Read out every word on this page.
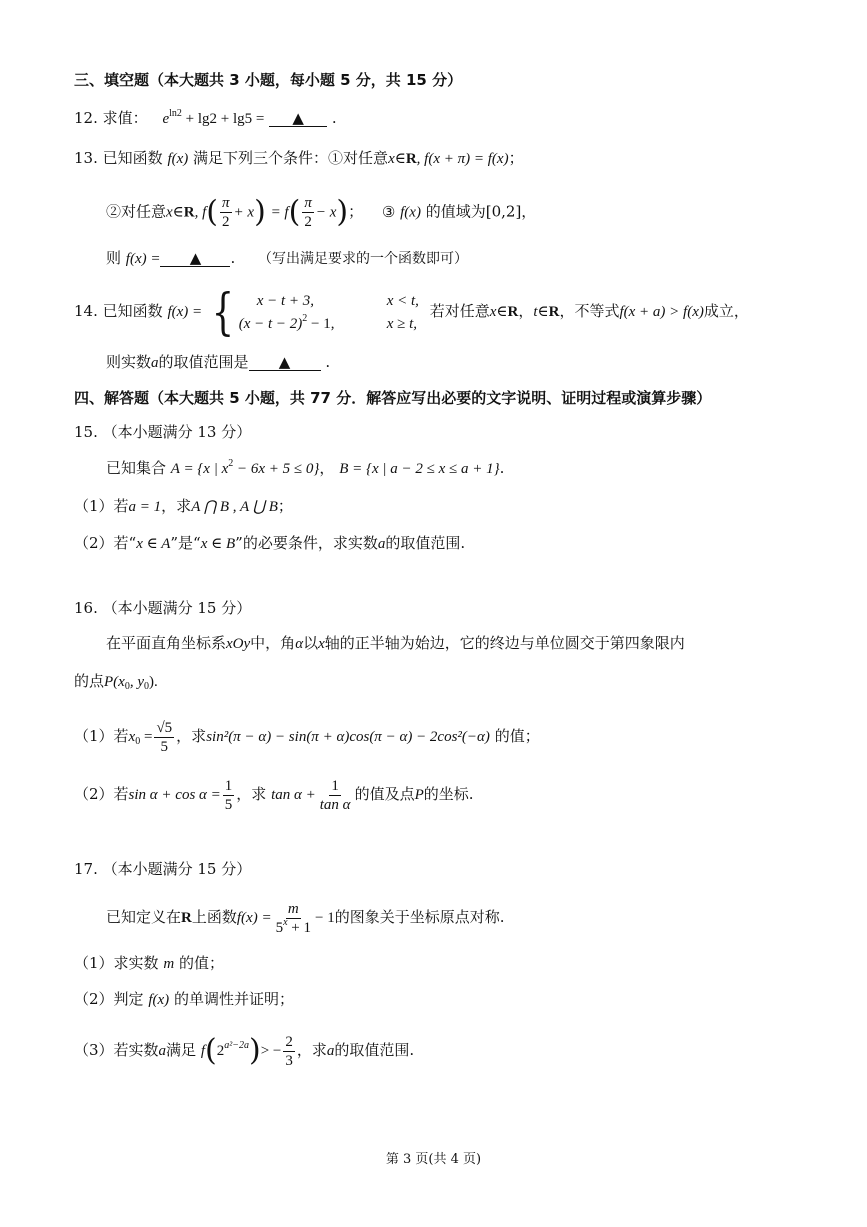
三、填空题（本大题共 3 小题，每小题 5 分，共 15 分）
12. 求值： $e^{ln2} + \lg 2 + \lg 5$ = ▲ .
13. 已知函数 f(x) 满足下列三个条件：①对任意x∈R, f(x + π) = f(x)；
②对任意x∈R, $f( \frac{\pi}{2} + x) = f( \frac{\pi}{2} - x)$； ③ f(x) 的值域为[0,2]，
则 f(x) = ▲ . （写出满足要求的一个函数即可）
14. 已知函数 f(x) = {	x − t + 3,	x < t,
$(x - t - 2)^2 - 1$,	x ≥ t,
若对任意x∈R，t∈R，不等式f(x + a) > f(x)成立，
则实数a的取值范围是 ▲ .
四、解答题（本大题共 5 小题，共 77 分．解答应写出必要的文字说明、证明过程或演算步骤）
15. （本小题满分 13 分）
已知集合 A = {x | $x^2 - 6x + 5 \le 0$}， B = {x | a − 2 ≤ x ≤ a + 1}.
（1）若a = 1，求A ⋂ B , A ⋃ B；
（2）若“x ∈ A”是“x ∈ B”的必要条件，求实数a的取值范围.
16. （本小题满分 15 分）
在平面直角坐标系xOy中，角α以x轴的正半轴为始边，它的终边与单位圆交于第四象限内
的点$P(x_0$, $y_0$).
（1）若$x_0 = \frac{√5}{5}$ ，求sin²(π − α) − sin(π + α)cos(π − α) − 2cos²(−α) 的值；
（2）若$\sin \alpha + \cos \alpha = \frac{1}{5}$ ，求 $\tan \alpha + \frac{1}{\text{tan α}}$ 的值及点P的坐标.
17. （本小题满分 15 分）
已知定义在R上函数$f(x) = \frac{m}{5^x + 1} - 1$的图象关于坐标原点对称.
（1）求实数 m 的值；
（2）判定 f(x) 的单调性并证明；
（3）若实数a满足 $f(2^{a^2-2a})> - \frac{2}{3}$ ，求a的取值范围.
第 3 页(共 4 页)
